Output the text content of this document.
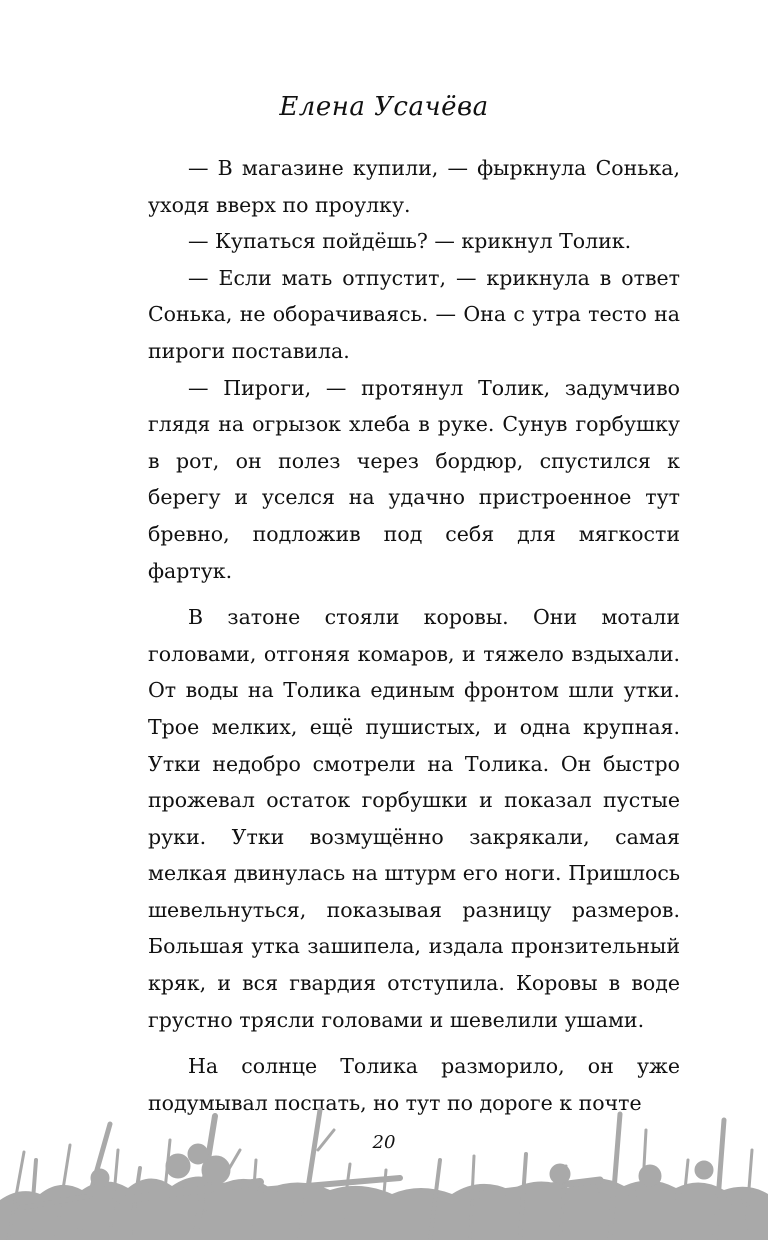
Елена Усачёва

— В магазине купили, — фыркнула Сонька, уходя вверх по проулку.

— Купаться пойдёшь? — крикнул Толик.

— Если мать отпустит, — крикнула в ответ Сонька, не оборачиваясь. — Она с утра тесто на пироги поставила.

— Пироги, — протянул Толик, задумчиво глядя на огрызок хлеба в руке. Сунув горбушку в рот, он полез через бордюр, спустился к берегу и уселся на удачно пристроенное тут бревно, подложив под себя для мягкости фартук.

В затоне стояли коровы. Они мотали головами, отгоняя комаров, и тяжело вздыхали. От воды на Толика единым фронтом шли утки. Трое мелких, ещё пушистых, и одна крупная. Утки недобро смотрели на Толика. Он быстро прожевал остаток горбушки и показал пустые руки. Утки возмущённо закрякали, самая мелкая двинулась на штурм его ноги. Пришлось шевельнуться, показывая разницу размеров. Большая утка зашипела, издала пронзительный кряк, и вся гвардия отступила. Коровы в воде грустно трясли головами и шевелили ушами.

На солнце Толика разморило, он уже подумывал поспать, но тут по дороге к почте

20
